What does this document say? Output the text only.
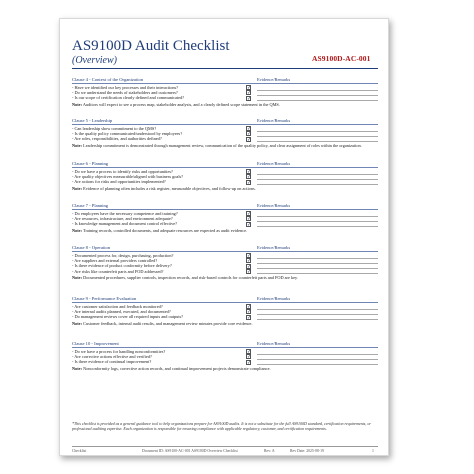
AS9100D Audit Checklist
(Overview)	AS9100D-AC-001
Clause 4 - Context of the Organization	Evidence/Remarks
- Have we identified our key processes and their interactions?	✓
- Do we understand the needs of stakeholders and customers?	✓
- Is our scope of certification clearly defined and communicated?	✓
Note: Auditors will expect to see a process map, stakeholder analysis, and a clearly defined scope statement in the QMS.
Clause 5 - Leadership	Evidence/Remarks
- Can leadership show commitment to the QMS?	✓
- Is the quality policy communicated/understood by employees?	✓
- Are roles, responsibilities, and authorities defined?	✓
Note: Leadership commitment is demonstrated through management review, communication of the quality policy, and clear assignment of roles within the organization.
Clause 6 - Planning	Evidence/Remarks
- Do we have a process to identify risks and opportunities?	✓
- Are quality objectives measurable/aligned with business goals?	✓
- Are actions for risks and opportunities implemented?	✓
Note: Evidence of planning often includes a risk register, measurable objectives, and follow-up on actions.
Clause 7 - Planning	Evidence/Remarks
- Do employees have the necessary competence and training?	✓
- Are resources, infrastructure, and environment adequate?	✓
- Is knowledge management and document control effective?	✓
Note: Training records, controlled documents, and adequate resources are expected as audit evidence.
Clause 8 - Operation	Evidence/Remarks
- Documented process for, design, purchasing, production?	✓
- Are suppliers and external providers controlled?	✓
- Is there evidence of product conformity before delivery?	✓
- Are risks like counterfeit parts and FOD addressed?	✓
Note: Documented procedures, supplier controls, inspection records, and risk-based controls for counterfeit parts and FOD are key.
Clause 9 - Performance Evaluation	Evidence/Remarks
- Are customer satisfaction and feedback monitored?	✓
- Are internal audits planned, executed, and documented?	✓
- Do management reviews cover all required inputs and outputs?	✓
Note: Customer feedback, internal audit results, and management review minutes provide core evidence.
Clause 10 - Improvement	Evidence/Remarks
- Do we have a process for handling nonconformities?	✓
- Are corrective actions effective and verified?	✓
- Is there evidence of continual improvement?	✓
Note: Nonconformity logs, corrective action records, and continual improvement projects demonstrate compliance.
*This checklist is provided as a general guidance tool to help organizations prepare for AS9100D audits. It is not a substitute for the full AS9100D standard, certification requirements, or professional auditing expertise. Each organization is responsible for ensuring compliance with applicable regulatory, customer, and certification requirements.
Checklist	Document ID: AS9100-AC-001 AS9100D Overview Checklist	Rev: A	Rev Date: 2025-08-19	1
